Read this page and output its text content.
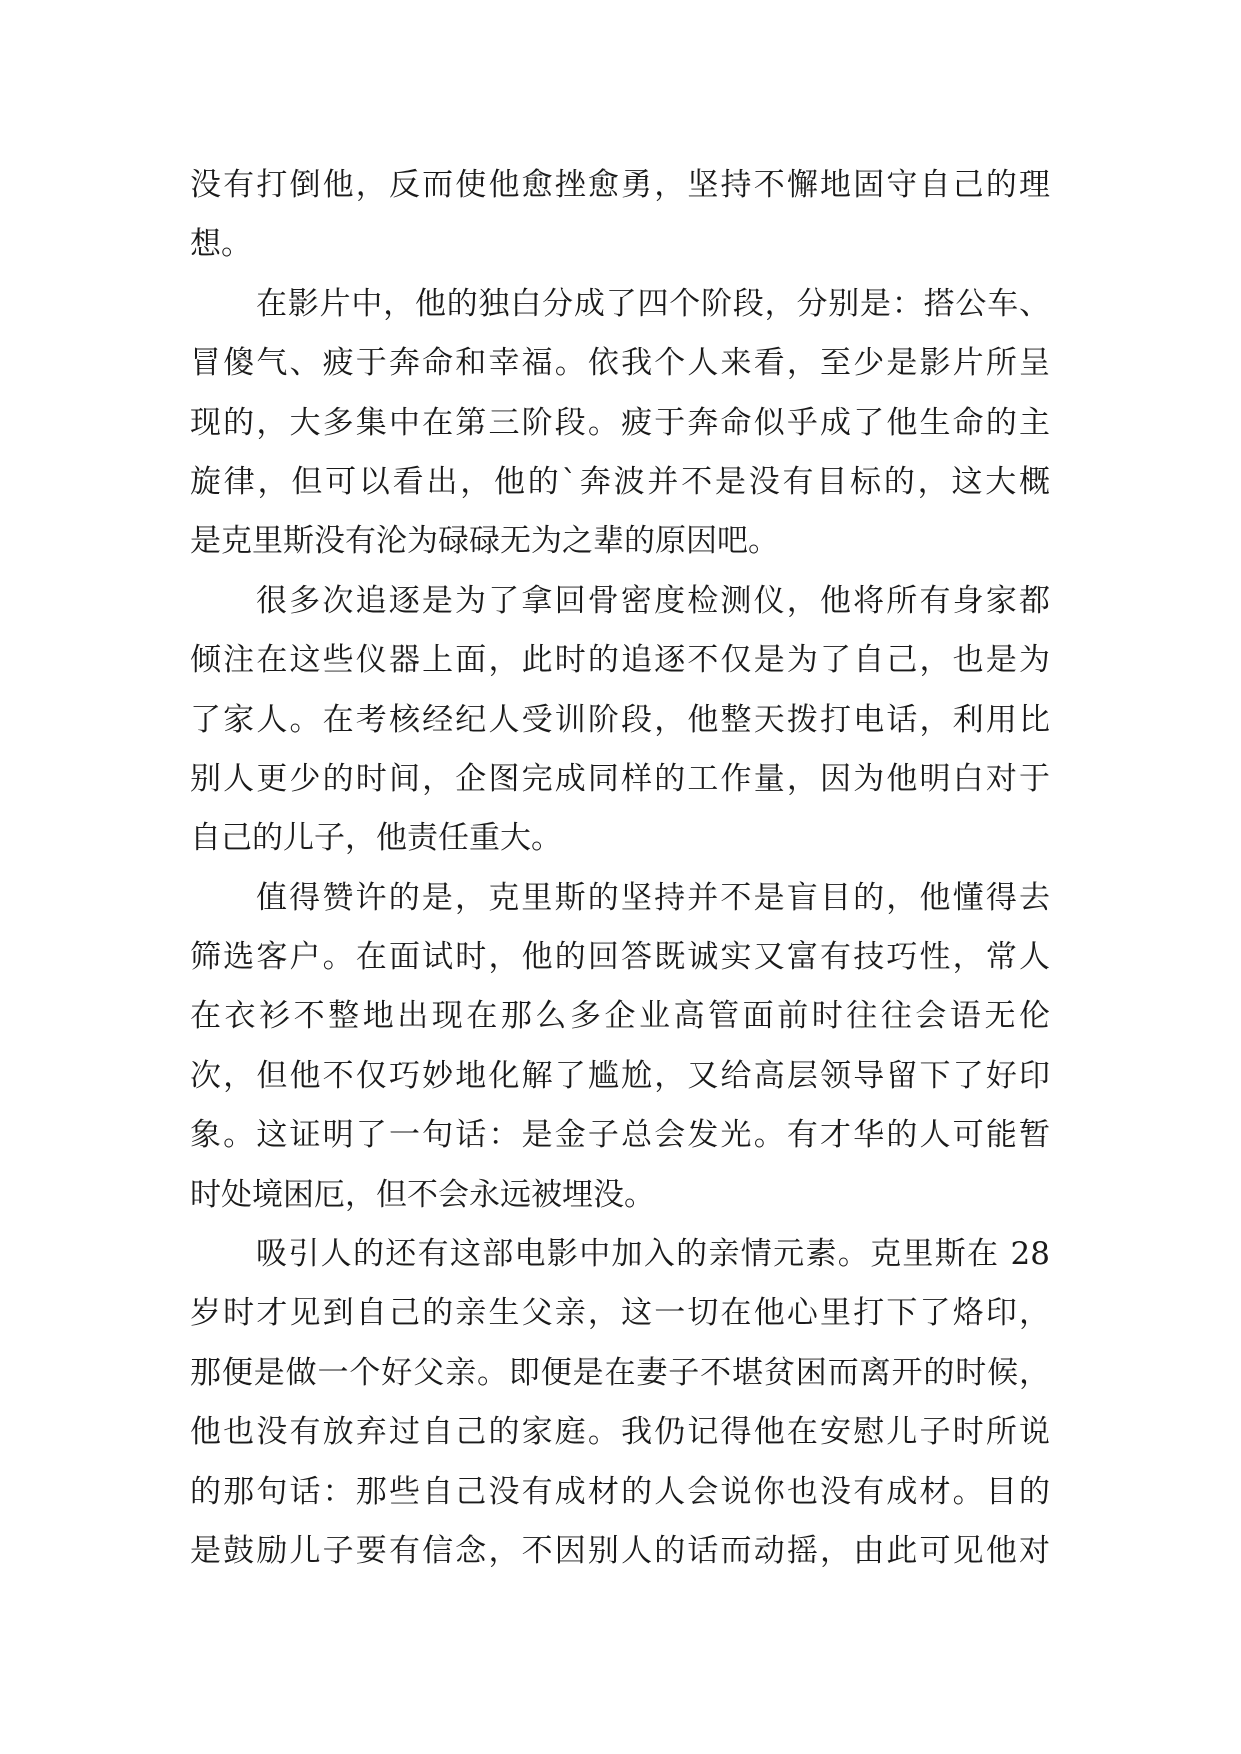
没有打倒他，反而使他愈挫愈勇，坚持不懈地固守自己的理
想。
在影片中，他的独白分成了四个阶段，分别是：搭公车、
冒傻气、疲于奔命和幸福。依我个人来看，至少是影片所呈
现的，大多集中在第三阶段。疲于奔命似乎成了他生命的主
旋律，但可以看出，他的`奔波并不是没有目标的，这大概
是克里斯没有沦为碌碌无为之辈的原因吧。
很多次追逐是为了拿回骨密度检测仪，他将所有身家都
倾注在这些仪器上面，此时的追逐不仅是为了自己，也是为
了家人。在考核经纪人受训阶段，他整天拨打电话，利用比
别人更少的时间，企图完成同样的工作量，因为他明白对于
自己的儿子，他责任重大。
值得赞许的是，克里斯的坚持并不是盲目的，他懂得去
筛选客户。在面试时，他的回答既诚实又富有技巧性，常人
在衣衫不整地出现在那么多企业高管面前时往往会语无伦
次，但他不仅巧妙地化解了尴尬，又给高层领导留下了好印
象。这证明了一句话：是金子总会发光。有才华的人可能暂
时处境困厄，但不会永远被埋没。
吸引人的还有这部电影中加入的亲情元素。克里斯在 28
岁时才见到自己的亲生父亲，这一切在他心里打下了烙印，
那便是做一个好父亲。即便是在妻子不堪贫困而离开的时候，
他也没有放弃过自己的家庭。我仍记得他在安慰儿子时所说
的那句话：那些自己没有成材的人会说你也没有成材。目的
是鼓励儿子要有信念，不因别人的话而动摇，由此可见他对
